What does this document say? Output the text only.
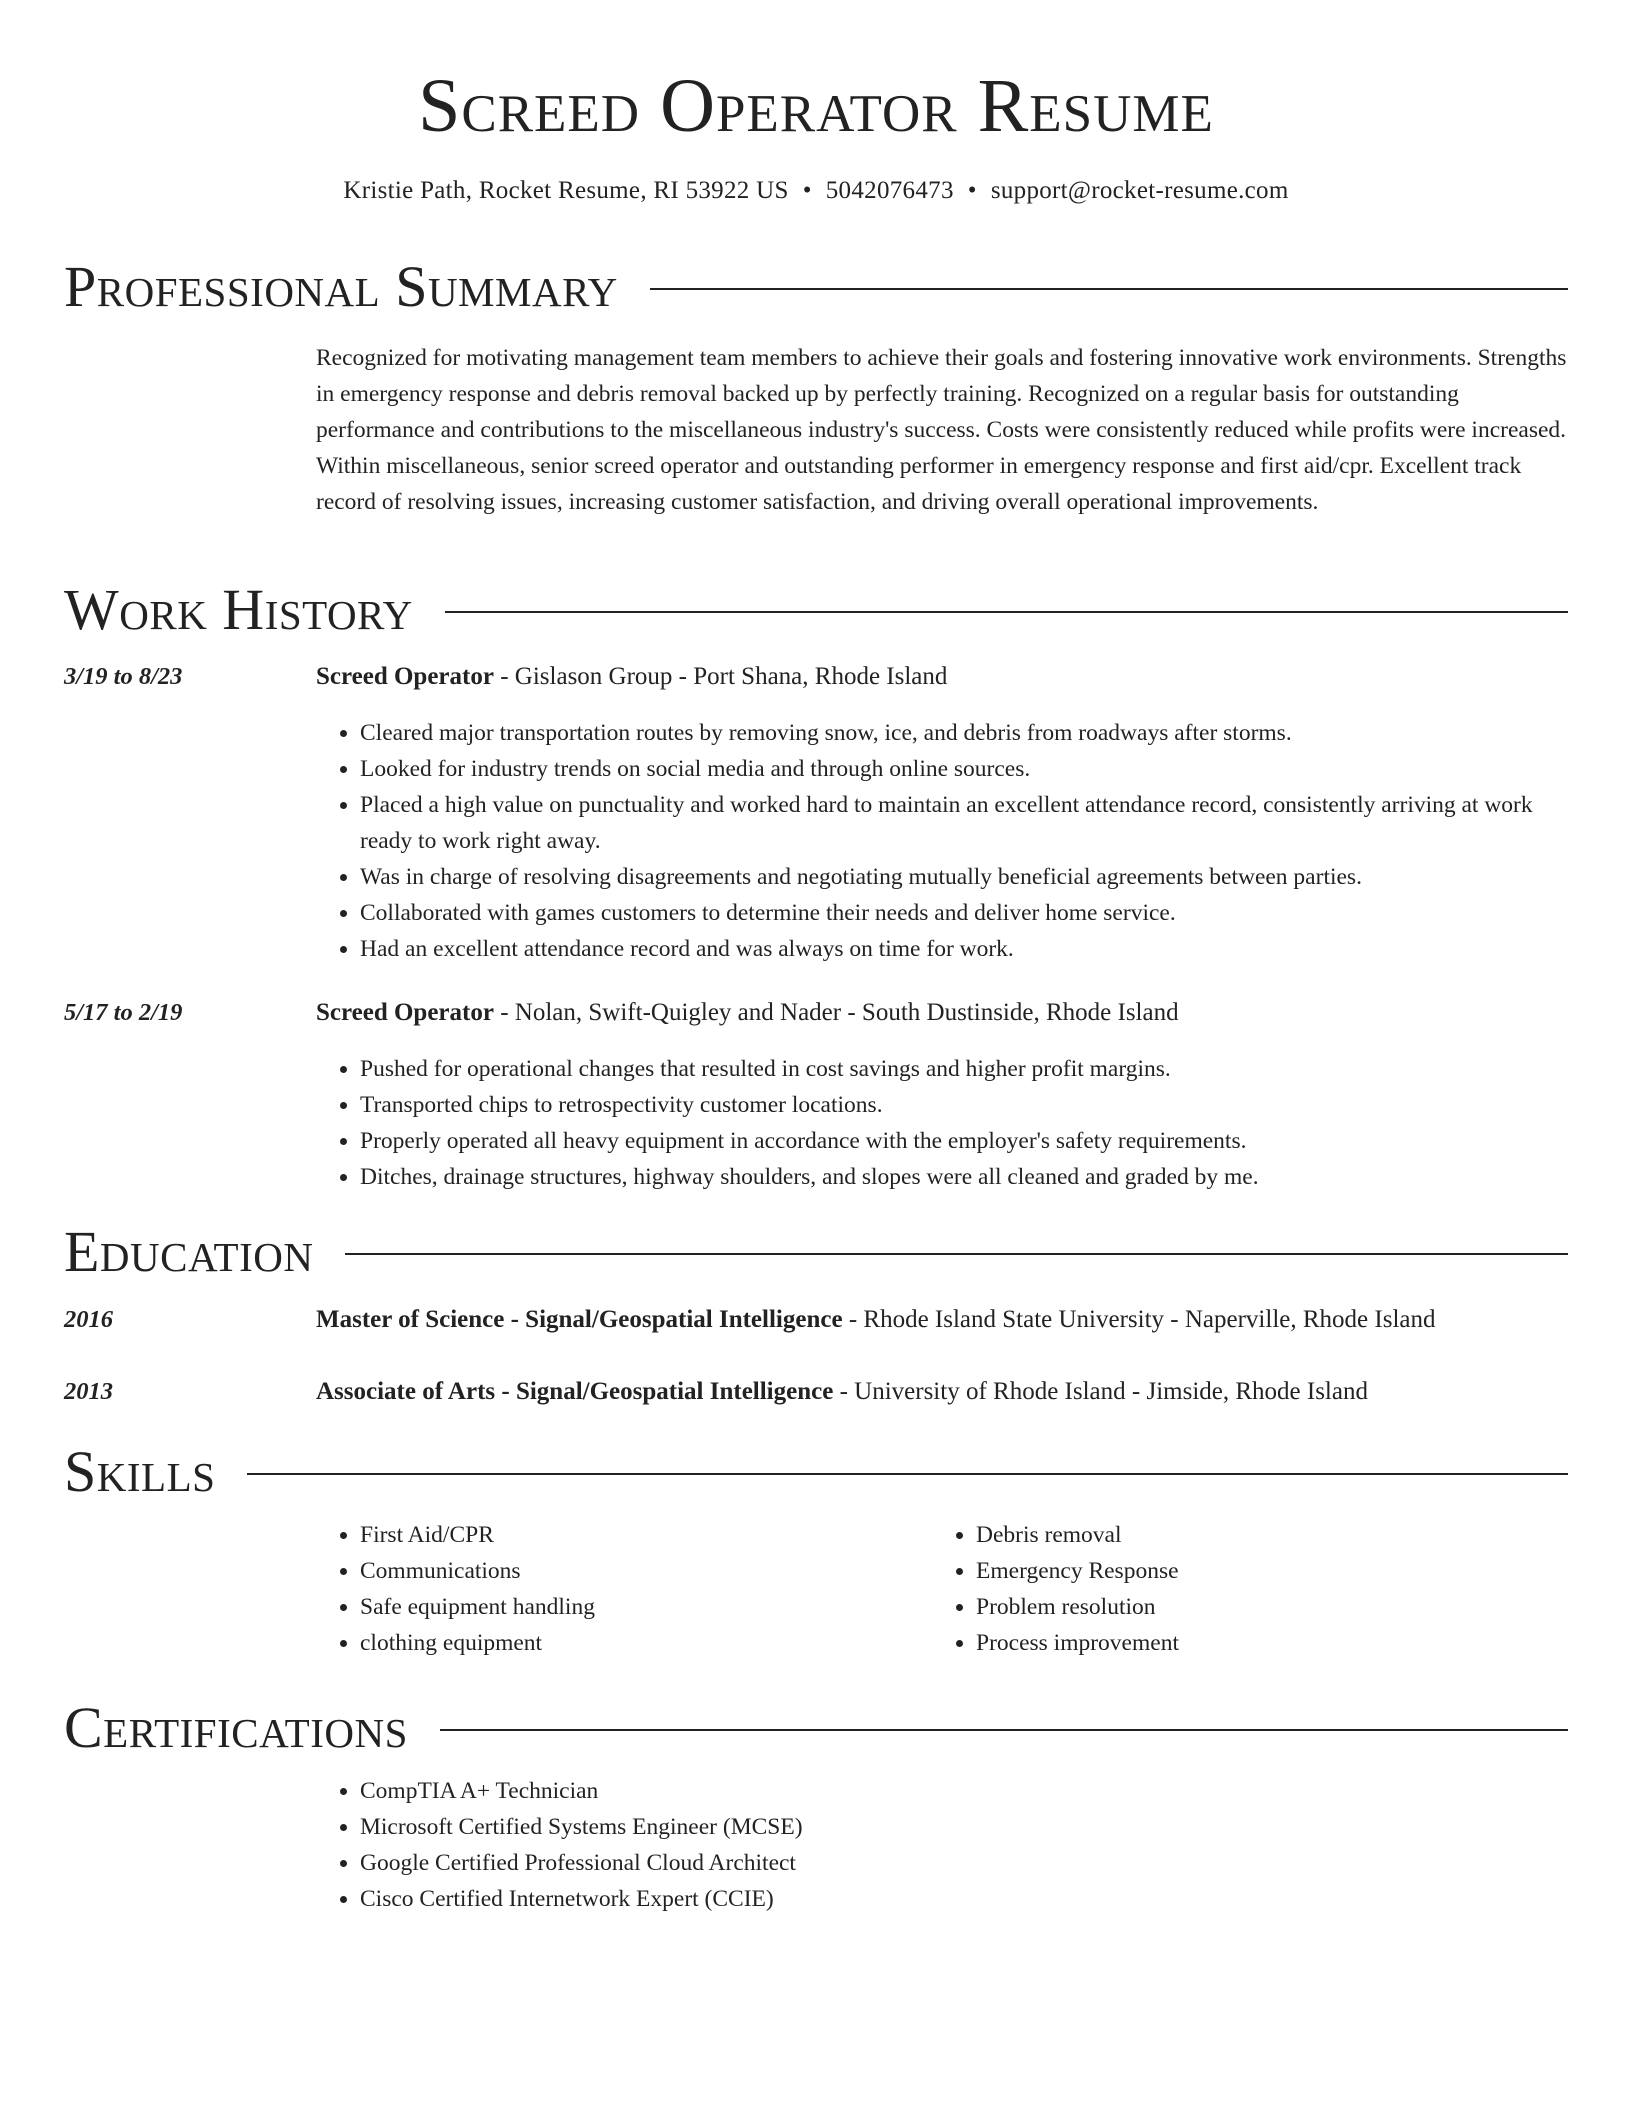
Screed Operator Resume
Kristie Path, Rocket Resume, RI 53922 US • 5042076473 • support@rocket-resume.com
Professional Summary

Recognized for motivating management team members to achieve their goals and fostering innovative work environments. Strengths in emergency response and debris removal backed up by perfectly training. Recognized on a regular basis for outstanding performance and contributions to the miscellaneous industry's success. Costs were consistently reduced while profits were increased. Within miscellaneous, senior screed operator and outstanding performer in emergency response and first aid/cpr. Excellent track record of resolving issues, increasing customer satisfaction, and driving overall operational improvements.

Work History
3/19 to 8/23	Screed Operator - Gislason Group - Port Shana, Rhode Island
• Cleared major transportation routes by removing snow, ice, and debris from roadways after storms.
• Looked for industry trends on social media and through online sources.
• Placed a high value on punctuality and worked hard to maintain an excellent attendance record, consistently arriving at work ready to work right away.
• Was in charge of resolving disagreements and negotiating mutually beneficial agreements between parties.
• Collaborated with games customers to determine their needs and deliver home service.
• Had an excellent attendance record and was always on time for work.
5/17 to 2/19	Screed Operator - Nolan, Swift-Quigley and Nader - South Dustinside, Rhode Island
• Pushed for operational changes that resulted in cost savings and higher profit margins.
• Transported chips to retrospectivity customer locations.
• Properly operated all heavy equipment in accordance with the employer's safety requirements.
• Ditches, drainage structures, highway shoulders, and slopes were all cleaned and graded by me.
Education
2016	Master of Science - Signal/Geospatial Intelligence - Rhode Island State University - Naperville, Rhode Island
2013	Associate of Arts - Signal/Geospatial Intelligence - University of Rhode Island - Jimside, Rhode Island
Skills
• First Aid/CPR
• Communications
• Safe equipment handling
• clothing equipment
• Debris removal
• Emergency Response
• Problem resolution
• Process improvement
Certifications
• CompTIA A+ Technician
• Microsoft Certified Systems Engineer (MCSE)
• Google Certified Professional Cloud Architect
• Cisco Certified Internetwork Expert (CCIE)
